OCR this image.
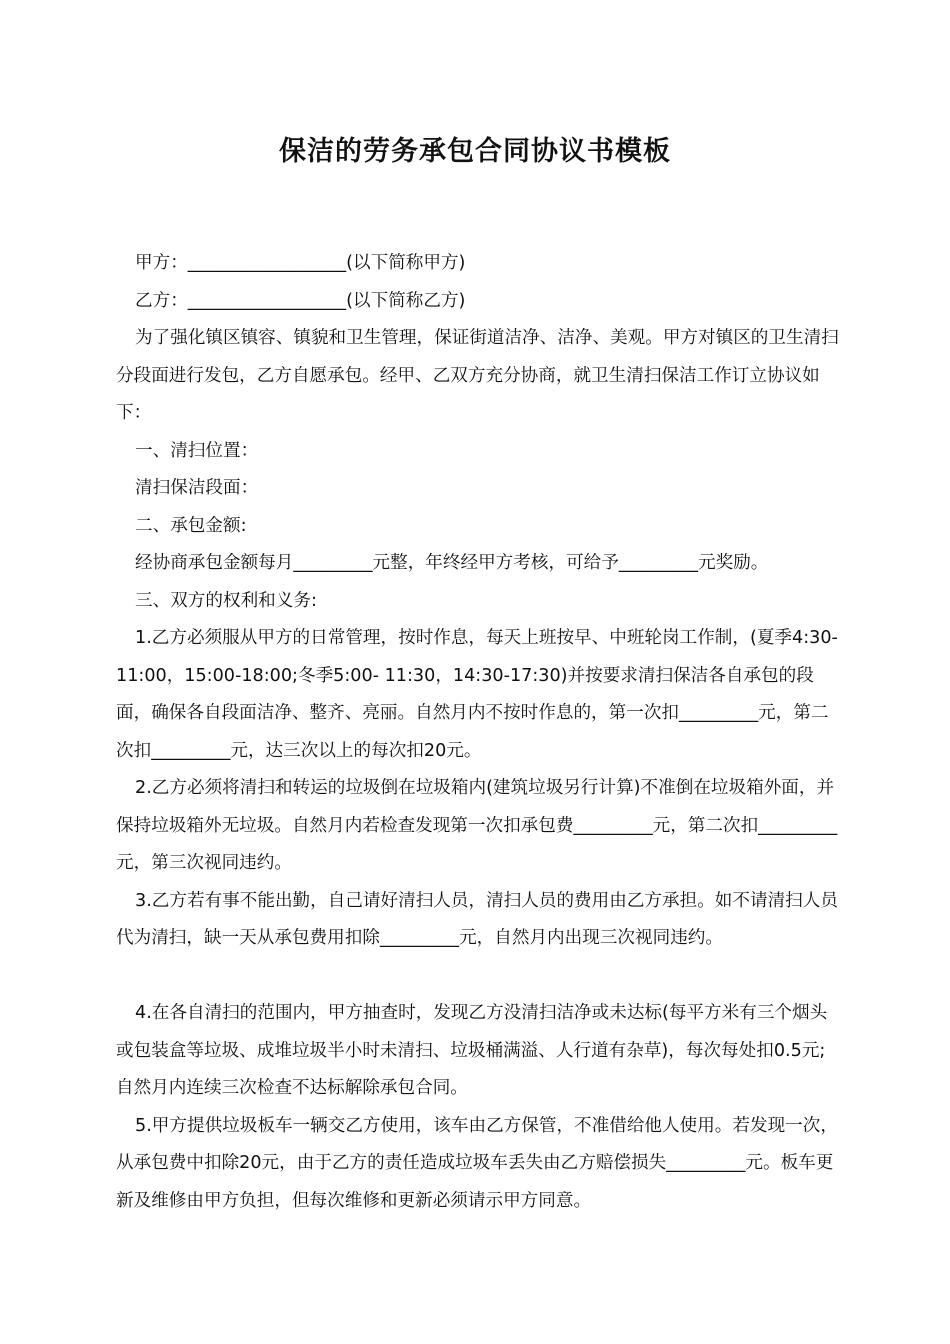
保洁的劳务承包合同协议书模板

甲方：__________________(以下简称甲方)

乙方：__________________(以下简称乙方)

为了强化镇区镇容、镇貌和卫生管理，保证街道洁净、洁净、美观。甲方对镇区的卫生清扫分段面进行发包，乙方自愿承包。经甲、乙双方充分协商，就卫生清扫保洁工作订立协议如下：

一、清扫位置：

清扫保洁段面：

二、承包金额:

经协商承包金额每月_________元整，年终经甲方考核，可给予_________元奖励。

三、双方的权利和义务:

1.乙方必须服从甲方的日常管理，按时作息，每天上班按早、中班轮岗工作制，(夏季4:30-11:00，15:00-18:00;冬季5:00- 11:30，14:30-17:30)并按要求清扫保洁各自承包的段面，确保各自段面洁净、整齐、亮丽。自然月内不按时作息的，第一次扣_________元，第二次扣_________元，达三次以上的每次扣20元。

2.乙方必须将清扫和转运的垃圾倒在垃圾箱内(建筑垃圾另行计算)不准倒在垃圾箱外面，并保持垃圾箱外无垃圾。自然月内若检查发现第一次扣承包费_________元，第二次扣_________元，第三次视同违约。

3.乙方若有事不能出勤，自己请好清扫人员，清扫人员的费用由乙方承担。如不请清扫人员代为清扫，缺一天从承包费用扣除_________元，自然月内出现三次视同违约。

4.在各自清扫的范围内，甲方抽查时，发现乙方没清扫洁净或未达标(每平方米有三个烟头或包装盒等垃圾、成堆垃圾半小时未清扫、垃圾桶满溢、人行道有杂草)，每次每处扣0.5元;自然月内连续三次检查不达标解除承包合同。

5.甲方提供垃圾板车一辆交乙方使用，该车由乙方保管，不准借给他人使用。若发现一次，从承包费中扣除20元，由于乙方的责任造成垃圾车丢失由乙方赔偿损失_________元。板车更新及维修由甲方负担，但每次维修和更新必须请示甲方同意。
